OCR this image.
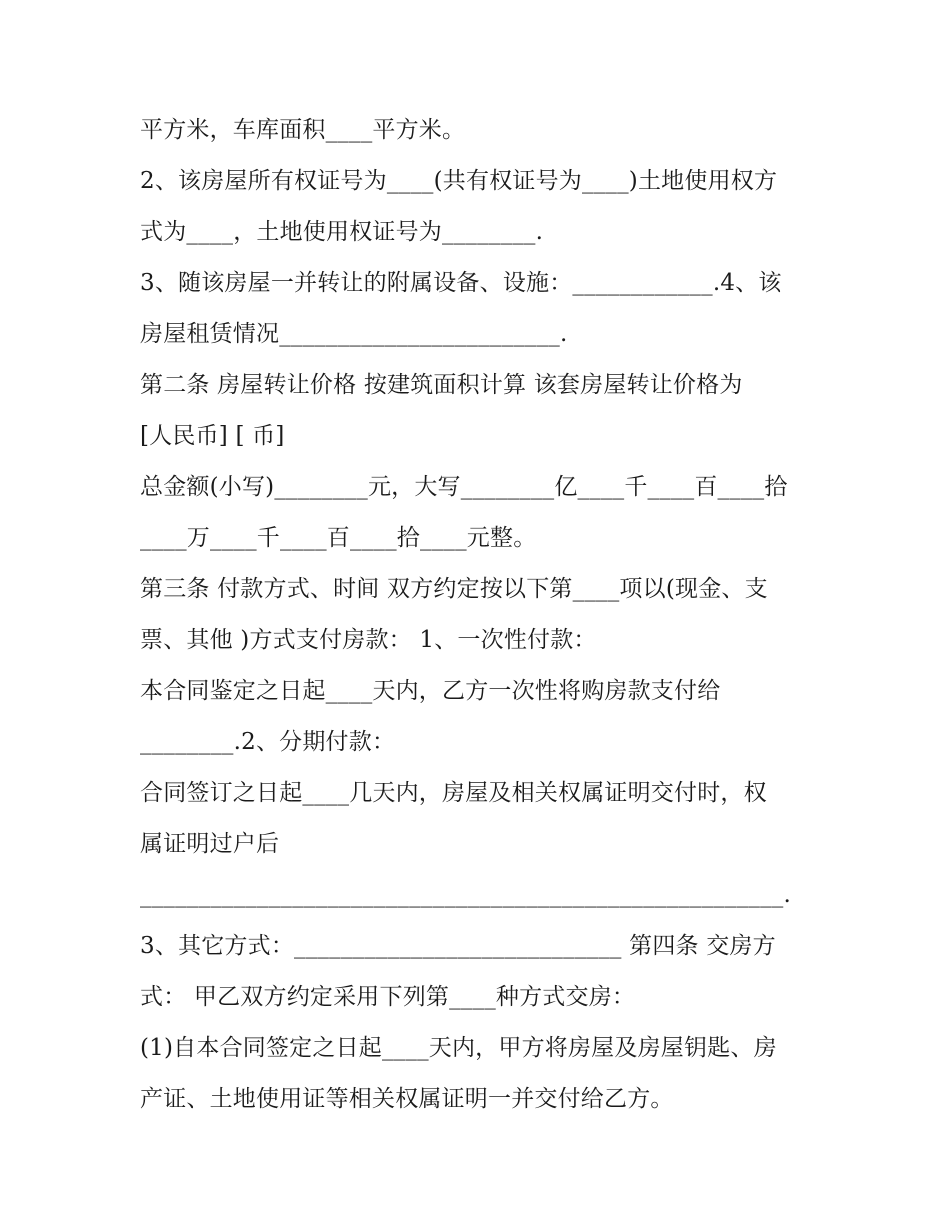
平方米，车库面积____平方米。
2、该房屋所有权证号为____(共有权证号为____)土地使用权方
式为____，土地使用权证号为________.
3、随该房屋一并转让的附属设备、设施：____________.4、该
房屋租赁情况________________________.
第二条 房屋转让价格 按建筑面积计算 该套房屋转让价格为
[人民币] [ 币]
总金额(小写)________元，大写________亿____千____百____拾
____万____千____百____拾____元整。
第三条 付款方式、时间 双方约定按以下第____项以(现金、支
票、其他 )方式支付房款： 1、一次性付款：
本合同鉴定之日起____天内，乙方一次性将购房款支付给
________.2、分期付款：
合同签订之日起____几天内，房屋及相关权属证明交付时，权
属证明过户后
_______________________________________________________.
3、其它方式：____________________________ 第四条 交房方
式： 甲乙双方约定采用下列第____种方式交房：
(1)自本合同签定之日起____天内，甲方将房屋及房屋钥匙、房
产证、土地使用证等相关权属证明一并交付给乙方。
